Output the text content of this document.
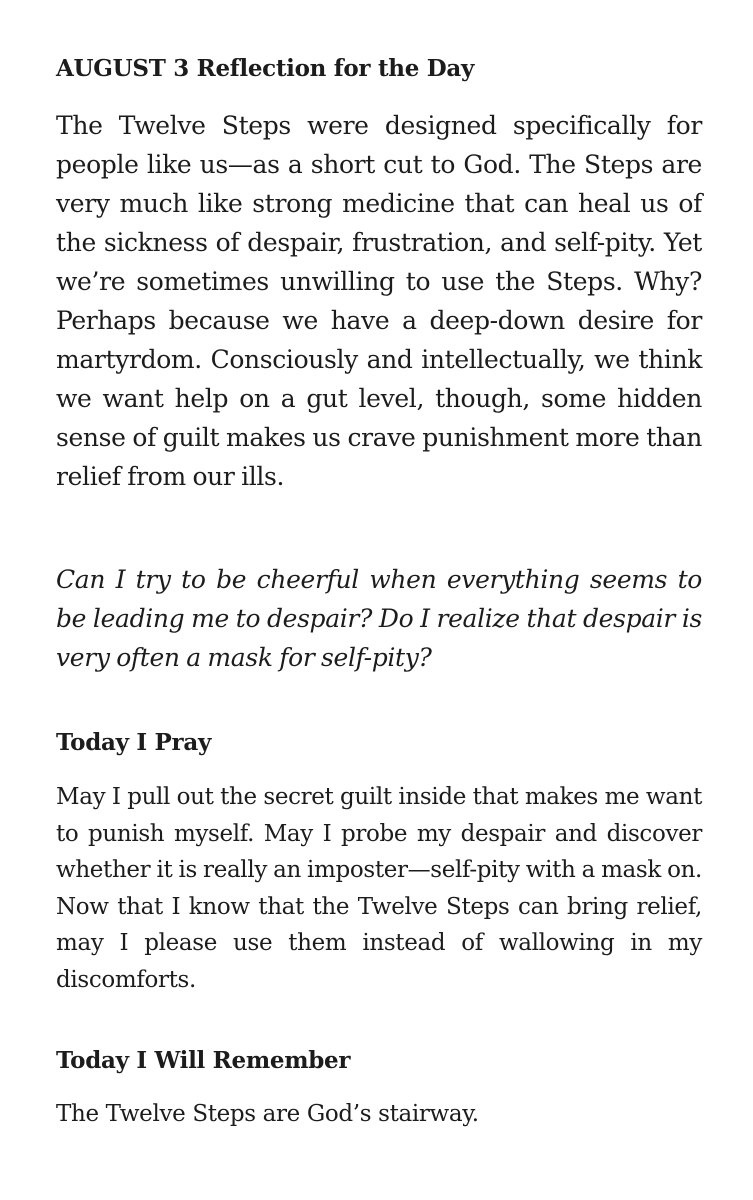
AUGUST 3 Reflection for the Day

The Twelve Steps were designed specifically for people like us—as a short cut to God. The Steps are very much like strong medicine that can heal us of the sickness of despair, frustration, and self-pity. Yet we’re sometimes unwilling to use the Steps. Why? Perhaps because we have a deep-down desire for martyrdom. Consciously and intellectually, we think we want help on a gut level, though, some hidden sense of guilt makes us crave punishment more than relief from our ills.

Can I try to be cheerful when everything seems to be leading me to despair? Do I realize that despair is very often a mask for self-pity?

Today I Pray

May I pull out the secret guilt inside that makes me want to punish myself. May I probe my despair and discover whether it is really an imposter—self-pity with a mask on. Now that I know that the Twelve Steps can bring relief, may I please use them instead of wallowing in my discomforts.

Today I Will Remember

The Twelve Steps are God’s stairway.
